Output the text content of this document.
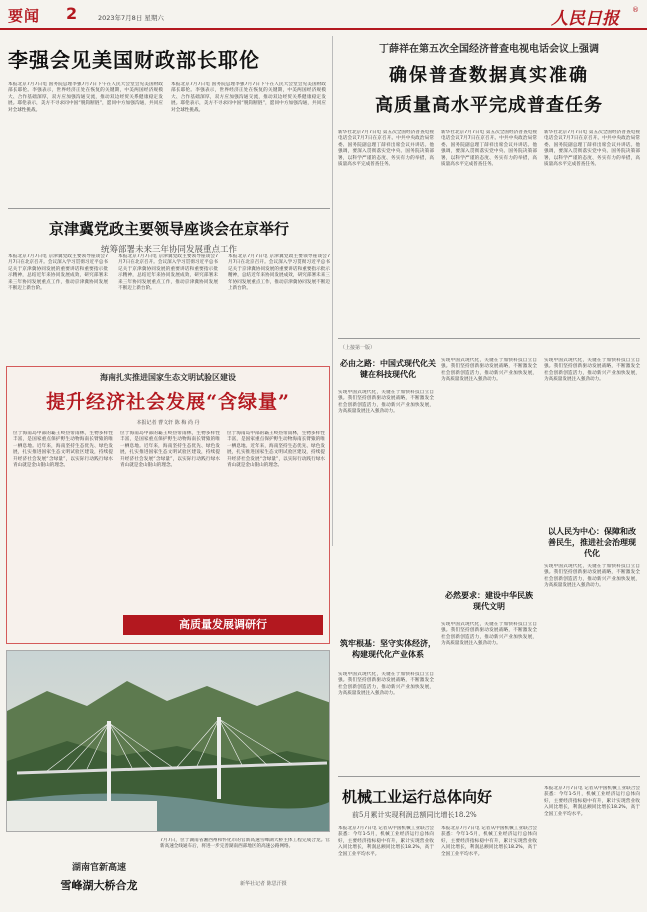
要闻 2	2023年7月8日 星期六	人民日报 ®
李强会见美国财政部长耶伦
本报北京7月7日电 国务院总理李强7月7日下午在人民大会堂会见美国财政部长耶伦。李强表示，世界经济正处在恢复的关键期，中美两国经济规模大、合作基础深厚，双方应加强沟通交流，推动双边经贸关系健康稳定发展。耶伦表示，美方不寻求同中国“脱钩断链”，愿同中方加强沟通，共同应对全球性挑战。
本报北京7月7日电 国务院总理李强7月7日下午在人民大会堂会见美国财政部长耶伦。李强表示，世界经济正处在恢复的关键期，中美两国经济规模大、合作基础深厚，双方应加强沟通交流，推动双边经贸关系健康稳定发展。耶伦表示，美方不寻求同中国“脱钩断链”，愿同中方加强沟通，共同应对全球性挑战。
丁薛祥在第五次全国经济普查电视电话会议上强调
确保普查数据真实准确
高质量高水平完成普查任务
新华社北京7月7日电 第五次全国经济普查电视电话会议7月7日在京召开。中共中央政治局常委、国务院副总理丁薛祥出席会议并讲话。他强调，要深入贯彻落实党中央、国务院决策部署，以科学严谨的态度、务实有力的举措，高质量高水平完成普查任务。
新华社北京7月7日电 第五次全国经济普查电视电话会议7月7日在京召开。中共中央政治局常委、国务院副总理丁薛祥出席会议并讲话。他强调，要深入贯彻落实党中央、国务院决策部署，以科学严谨的态度、务实有力的举措，高质量高水平完成普查任务。
新华社北京7月7日电 第五次全国经济普查电视电话会议7月7日在京召开。中共中央政治局常委、国务院副总理丁薛祥出席会议并讲话。他强调，要深入贯彻落实党中央、国务院决策部署，以科学严谨的态度、务实有力的举措，高质量高水平完成普查任务。
京津冀党政主要领导座谈会在京举行
统筹部署未来三年协同发展重点工作
本报北京7月7日电 京津冀党政主要领导座谈会7月7日在北京召开。会议深入学习贯彻习近平总书记关于京津冀协同发展的重要讲话和重要指示批示精神，总结近年来协同发展成效，研究部署未来三年协同发展重点工作，推动京津冀协同发展不断迈上新台阶。
本报北京7月7日电 京津冀党政主要领导座谈会7月7日在北京召开。会议深入学习贯彻习近平总书记关于京津冀协同发展的重要讲话和重要指示批示精神，总结近年来协同发展成效，研究部署未来三年协同发展重点工作，推动京津冀协同发展不断迈上新台阶。
本报北京7月7日电 京津冀党政主要领导座谈会7月7日在北京召开。会议深入学习贯彻习近平总书记关于京津冀协同发展的重要讲话和重要指示批示精神，总结近年来协同发展成效，研究部署未来三年协同发展重点工作，推动京津冀协同发展不断迈上新台阶。
海南扎实推进国家生态文明试验区建设
提升经济社会发展“含绿量”
本报记者 曹文轩 陈 梅 尚 丹
位于海南岛中部的霸王岭热带雨林，生物多样性丰富，是国家重点保护野生动物海南长臂猿的唯一栖息地。近年来，海南坚持生态优先、绿色发展，扎实推进国家生态文明试验区建设，持续提升经济社会发展“含绿量”，以实际行动践行绿水青山就是金山银山的理念。
位于海南岛中部的霸王岭热带雨林，生物多样性丰富，是国家重点保护野生动物海南长臂猿的唯一栖息地。近年来，海南坚持生态优先、绿色发展，扎实推进国家生态文明试验区建设，持续提升经济社会发展“含绿量”，以实际行动践行绿水青山就是金山银山的理念。
位于海南岛中部的霸王岭热带雨林，生物多样性丰富，是国家重点保护野生动物海南长臂猿的唯一栖息地。近年来，海南坚持生态优先、绿色发展，扎实推进国家生态文明试验区建设，持续提升经济社会发展“含绿量”，以实际行动践行绿水青山就是金山银山的理念。
高质量发展调研行
湖南官新高速
雪峰湖大桥合龙
7月7日，位于湖南省湘西州和怀化市的官新高速雪峰湖大桥主体工程完成合龙。官新高速全线通车后，将进一步完善湖南西部地区的高速公路网络。
新华社记者 陈思汗摄
（上接第一版）
必由之路：中国式现代化关键在科技现代化
实现中国式现代化，关键在于加快科技自立自强。我们坚持创新驱动发展战略，不断激发全社会创新创造活力，推动新兴产业加快发展，为高质量发展注入强劲动力。
筑牢根基：坚守实体经济，构建现代化产业体系
实现中国式现代化，关键在于加快科技自立自强。我们坚持创新驱动发展战略，不断激发全社会创新创造活力，推动新兴产业加快发展，为高质量发展注入强劲动力。
实现中国式现代化，关键在于加快科技自立自强。我们坚持创新驱动发展战略，不断激发全社会创新创造活力，推动新兴产业加快发展，为高质量发展注入强劲动力。
必然要求：建设中华民族现代文明
实现中国式现代化，关键在于加快科技自立自强。我们坚持创新驱动发展战略，不断激发全社会创新创造活力，推动新兴产业加快发展，为高质量发展注入强劲动力。
实现中国式现代化，关键在于加快科技自立自强。我们坚持创新驱动发展战略，不断激发全社会创新创造活力，推动新兴产业加快发展，为高质量发展注入强劲动力。
以人民为中心：保障和改善民生，推进社会治理现代化
实现中国式现代化，关键在于加快科技自立自强。我们坚持创新驱动发展战略，不断激发全社会创新创造活力，推动新兴产业加快发展，为高质量发展注入强劲动力。
机械工业运行总体向好
前5月累计实现利润总额同比增长18.2%
本报北京7月7日电 记者从中国机械工业联合会获悉：今年1-5月，机械工业经济运行总体向好，主要经济指标稳中有升，累计实现营业收入同比增长，利润总额同比增长18.2%，高于全国工业平均水平。
本报北京7月7日电 记者从中国机械工业联合会获悉：今年1-5月，机械工业经济运行总体向好，主要经济指标稳中有升，累计实现营业收入同比增长，利润总额同比增长18.2%，高于全国工业平均水平。
本报北京7月7日电 记者从中国机械工业联合会获悉：今年1-5月，机械工业经济运行总体向好，主要经济指标稳中有升，累计实现营业收入同比增长，利润总额同比增长18.2%，高于全国工业平均水平。
